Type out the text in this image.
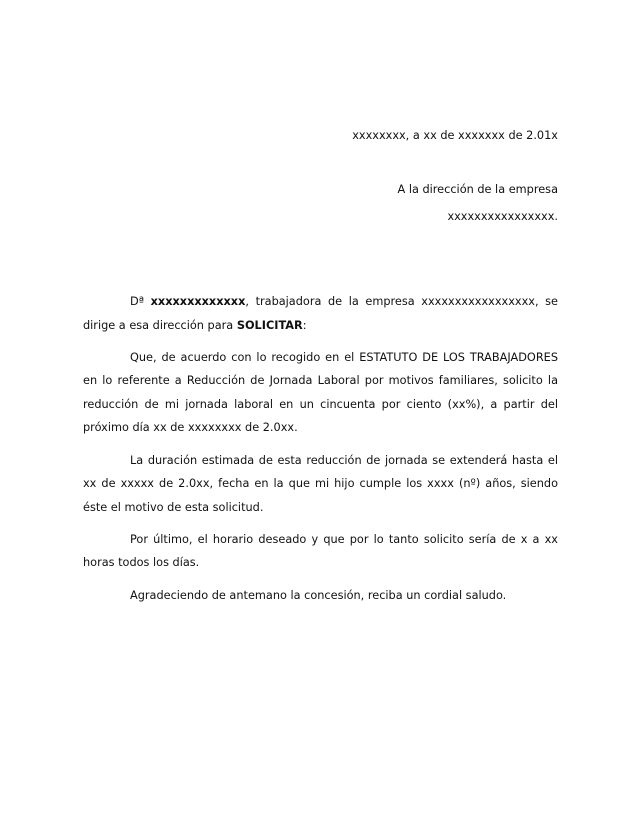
xxxxxxxx, a xx de xxxxxxx de 2.01x
A la dirección de la empresa
xxxxxxxxxxxxxxxx.

Dª xxxxxxxxxxxxx, trabajadora de la empresa xxxxxxxxxxxxxxxxx, se dirige a esa dirección para SOLICITAR:

Que, de acuerdo con lo recogido en el ESTATUTO DE LOS TRABAJADORES en lo referente a Reducción de Jornada Laboral por motivos familiares, solicito la reducción de mi jornada laboral en un cincuenta por ciento (xx%), a partir del próximo día xx de xxxxxxxx de 2.0xx.

La duración estimada de esta reducción de jornada se extenderá hasta el xx de xxxxx de 2.0xx, fecha en la que mi hijo cumple los xxxx (nº) años, siendo éste el motivo de esta solicitud.

Por último, el horario deseado y que por lo tanto solicito sería de x a xx horas todos los días.

Agradeciendo de antemano la concesión, reciba un cordial saludo.
